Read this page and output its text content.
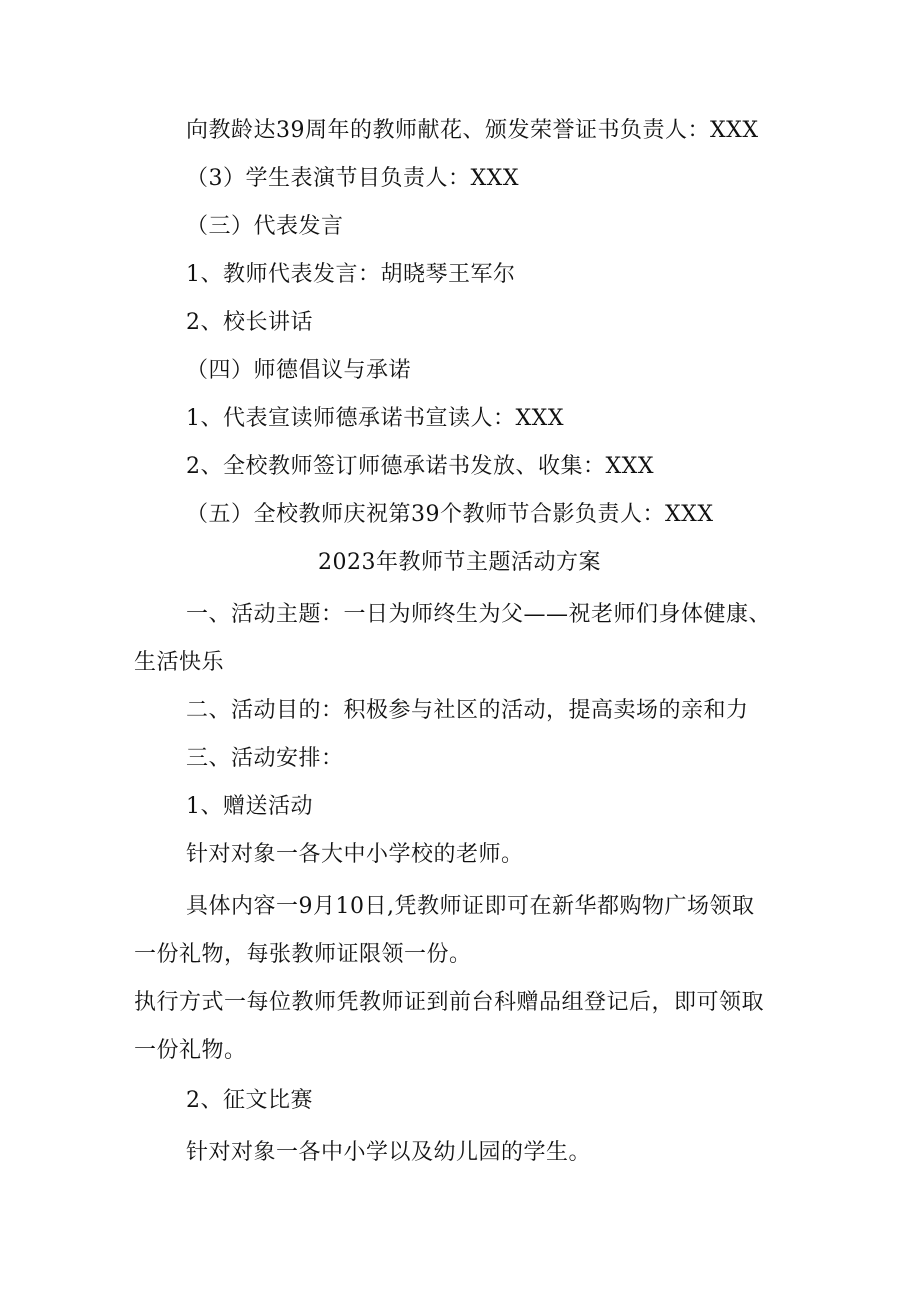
向教龄达39周年的教师献花、颁发荣誉证书负责人：XXX
（3）学生表演节目负责人：XXX
（三）代表发言
1、教师代表发言：胡晓琴王军尔
2、校长讲话
（四）师德倡议与承诺
1、代表宣读师德承诺书宣读人：XXX
2、全校教师签订师德承诺书发放、收集：XXX
（五）全校教师庆祝第39个教师节合影负责人：XXX
2023年教师节主题活动方案
一、活动主题：一日为师终生为父——祝老师们身体健康、
生活快乐
二、活动目的：积极参与社区的活动，提高卖场的亲和力
三、活动安排：
1、赠送活动
针对对象一各大中小学校的老师。
具体内容一9月10日,凭教师证即可在新华都购物广场领取
一份礼物，每张教师证限领一份。
执行方式一每位教师凭教师证到前台科赠品组登记后，即可领取
一份礼物。
2、征文比赛
针对对象一各中小学以及幼儿园的学生。
